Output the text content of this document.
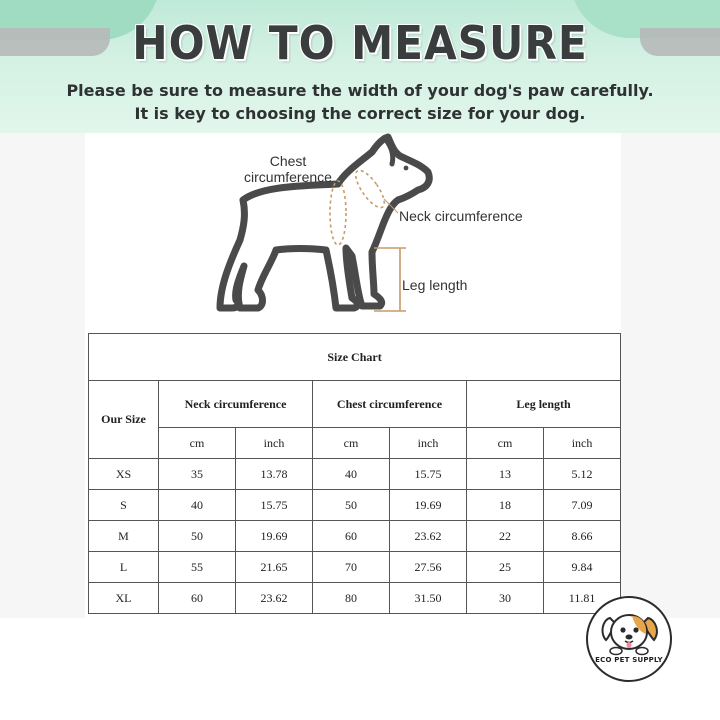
HOW TO MEASURE
Please be sure to measure the width of your dog's paw carefully.
It is key to choosing the correct size for your dog.
Chest circumference
Neck circumference
Leg length
Size Chart						
Our Size	Neck circumference		Chest circumference		Leg length	
	cm	inch	cm	inch	cm	inch
XS	35	13.78	40	15.75	13	5.12
S	40	15.75	50	19.69	18	7.09
M	50	19.69	60	23.62	22	8.66
L	55	21.65	70	27.56	25	9.84
XL	60	23.62	80	31.50	30	11.81
ECO PET SUPPLY
